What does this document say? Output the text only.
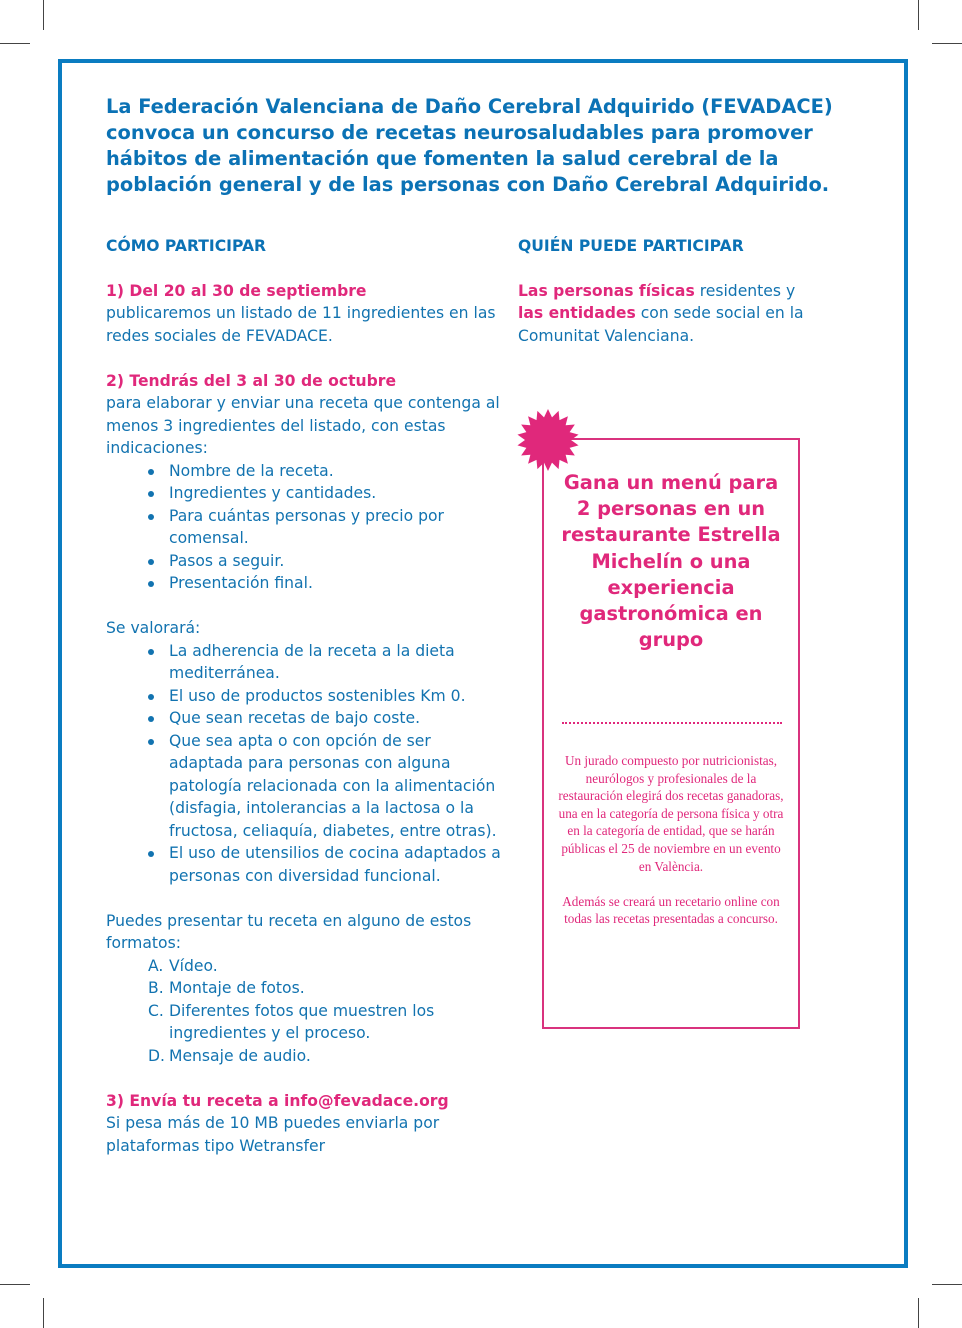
La Federación Valenciana de Daño Cerebral Adquirido (FEVADACE) convoca un concurso de recetas neurosaludables para promover hábitos de alimentación que fomenten la salud cerebral de la población general y de las personas con Daño Cerebral Adquirido.

CÓMO PARTICIPAR

1) Del 20 al 30 de septiembre

publicaremos un listado de 11 ingredientes en las redes sociales de FEVADACE.

2) Tendrás del 3 al 30 de octubre

para elaborar y enviar una receta que contenga al menos 3 ingredientes del listado, con estas indicaciones:

Nombre de la receta.
Ingredientes y cantidades.
Para cuántas personas y precio por comensal.
Pasos a seguir.
Presentación final.

Se valorará:

La adherencia de la receta a la dieta mediterránea.
El uso de productos sostenibles Km 0.
Que sean recetas de bajo coste.
Que sea apta o con opción de ser adaptada para personas con alguna patología relacionada con la alimentación (disfagia, intolerancias a la lactosa o la fructosa, celiaquía, diabetes, entre otras).
El uso de utensilios de cocina adaptados a personas con diversidad funcional.

Puedes presentar tu receta en alguno de estos formatos:

A. Vídeo.
B. Montaje de fotos.
C. Diferentes fotos que muestren los ingredientes y el proceso.
D. Mensaje de audio.

3) Envía tu receta a info@fevadace.org

Si pesa más de 10 MB puedes enviarla por plataformas tipo Wetransfer

QUIÉN PUEDE PARTICIPAR

Las personas físicas residentes y
las entidades con sede social en la Comunitat Valenciana.

Gana un menú para 2 personas en un restaurante Estrella Michelín o una experiencia gastronómica en grupo

Un jurado compuesto por nutricionistas, neurólogos y profesionales de la restauración elegirá dos recetas ganadoras, una en la categoría de persona física y otra en la categoría de entidad, que se harán públicas el 25 de noviembre en un evento en València.

Además se creará un recetario online con todas las recetas presentadas a concurso.
